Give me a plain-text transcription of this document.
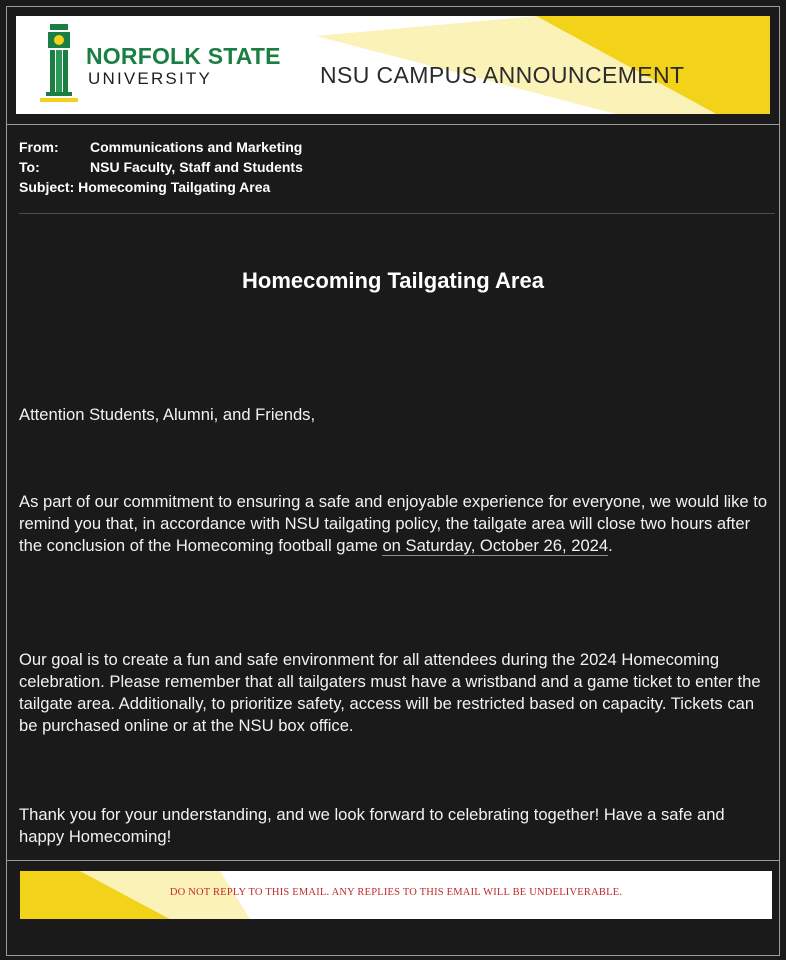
NORFOLK STATE
UNIVERSITY	NSU CAMPUS ANNOUNCEMENT
From: Communications and Marketing
To:	NSU Faculty, Staff and Students
Subject: Homecoming Tailgating Area
Homecoming Tailgating Area
Attention Students, Alumni, and Friends,
As part of our commitment to ensuring a safe and enjoyable experience for everyone, we would like to remind you that, in accordance with NSU tailgating policy, the tailgate area will close two hours after the conclusion of the Homecoming football game on Saturday, October 26, 2024.
Our goal is to create a fun and safe environment for all attendees during the 2024 Homecoming celebration. Please remember that all tailgaters must have a wristband and a game ticket to enter the tailgate area. Additionally, to prioritize safety, access will be restricted based on capacity. Tickets can be purchased online or at the NSU box office.
Thank you for your understanding, and we look forward to celebrating together! Have a safe and happy Homecoming!
DO NOT REPLY TO THIS EMAIL. ANY REPLIES TO THIS EMAIL WILL BE UNDELIVERABLE.
